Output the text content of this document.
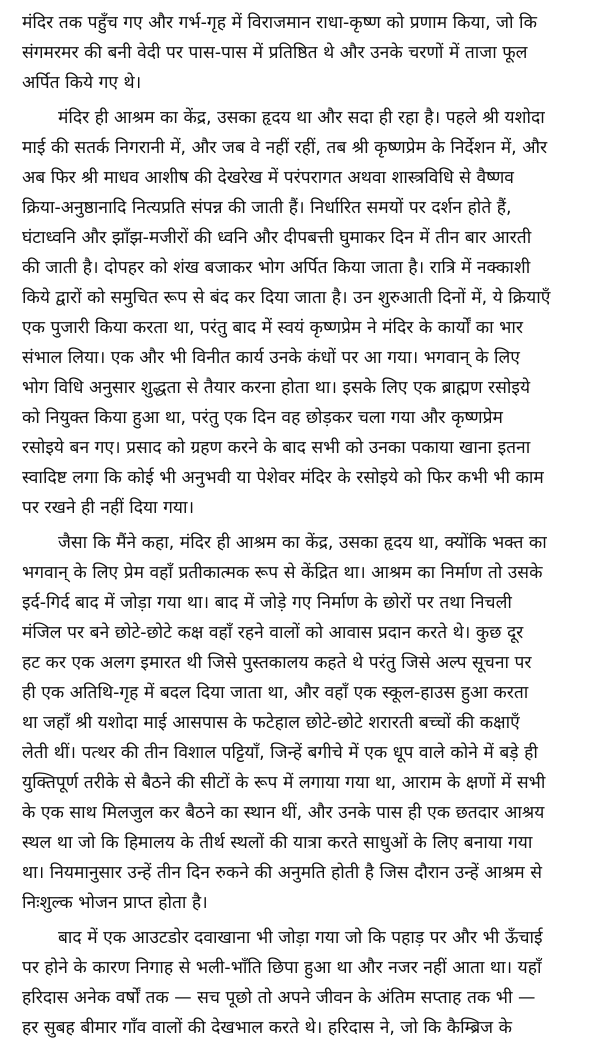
मंदिर तक पहुँच गए और गर्भ-गृह में विराजमान राधा-कृष्ण को प्रणाम किया, जो कि
संगमरमर की बनी वेदी पर पास-पास में प्रतिष्ठित थे और उनके चरणों में ताजा फूल
अर्पित किये गए थे।
मंदिर ही आश्रम का केंद्र, उसका हृदय था और सदा ही रहा है। पहले श्री यशोदा
माई की सतर्क निगरानी में, और जब वे नहीं रहीं, तब श्री कृष्णप्रेम के निर्देशन में, और
अब फिर श्री माधव आशीष की देखरेख में परंपरागत अथवा शास्त्रविधि से वैष्णव
क्रिया-अनुष्ठानादि नित्यप्रति संपन्न की जाती हैं। निर्धारित समयों पर दर्शन होते हैं,
घंटाध्वनि और झाँझ-मजीरों की ध्वनि और दीपबत्ती घुमाकर दिन में तीन बार आरती
की जाती है। दोपहर को शंख बजाकर भोग अर्पित किया जाता है। रात्रि में नक्काशी
किये द्वारों को समुचित रूप से बंद कर दिया जाता है। उन शुरुआती दिनों में, ये क्रियाएँ
एक पुजारी किया करता था, परंतु बाद में स्वयं कृष्णप्रेम ने मंदिर के कार्यों का भार
संभाल लिया। एक और भी विनीत कार्य उनके कंधों पर आ गया। भगवान् के लिए
भोग विधि अनुसार शुद्धता से तैयार करना होता था। इसके लिए एक ब्राह्मण रसोइये
को नियुक्त किया हुआ था, परंतु एक दिन वह छोड़कर चला गया और कृष्णप्रेम
रसोइये बन गए। प्रसाद को ग्रहण करने के बाद सभी को उनका पकाया खाना इतना
स्वादिष्ट लगा कि कोई भी अनुभवी या पेशेवर मंदिर के रसोइये को फिर कभी भी काम
पर रखने ही नहीं दिया गया।
जैसा कि मैंने कहा, मंदिर ही आश्रम का केंद्र, उसका हृदय था, क्योंकि भक्त का
भगवान् के लिए प्रेम वहाँ प्रतीकात्मक रूप से केंद्रित था। आश्रम का निर्माण तो उसके
इर्द-गिर्द बाद में जोड़ा गया था। बाद में जोड़े गए निर्माण के छोरों पर तथा निचली
मंजिल पर बने छोटे-छोटे कक्ष वहाँ रहने वालों को आवास प्रदान करते थे। कुछ दूर
हट कर एक अलग इमारत थी जिसे पुस्तकालय कहते थे परंतु जिसे अल्प सूचना पर
ही एक अतिथि-गृह में बदल दिया जाता था, और वहाँ एक स्कूल-हाउस हुआ करता
था जहाँ श्री यशोदा माई आसपास के फटेहाल छोटे-छोटे शरारती बच्चों की कक्षाएँ
लेती थीं। पत्थर की तीन विशाल पट्टियाँ, जिन्हें बगीचे में एक धूप वाले कोने में बड़े ही
युक्तिपूर्ण तरीके से बैठने की सीटों के रूप में लगाया गया था, आराम के क्षणों में सभी
के एक साथ मिलजुल कर बैठने का स्थान थीं, और उनके पास ही एक छतदार आश्रय
स्थल था जो कि हिमालय के तीर्थ स्थलों की यात्रा करते साधुओं के लिए बनाया गया
था। नियमानुसार उन्हें तीन दिन रुकने की अनुमति होती है जिस दौरान उन्हें आश्रम से
निःशुल्क भोजन प्राप्त होता है।
बाद में एक आउटडोर दवाखाना भी जोड़ा गया जो कि पहाड़ पर और भी ऊँचाई
पर होने के कारण निगाह से भली-भाँति छिपा हुआ था और नजर नहीं आता था। यहाँ
हरिदास अनेक वर्षों तक — सच पूछो तो अपने जीवन के अंतिम सप्ताह तक भी —
हर सुबह बीमार गाँव वालों की देखभाल करते थे। हरिदास ने, जो कि कैम्ब्रिज के
